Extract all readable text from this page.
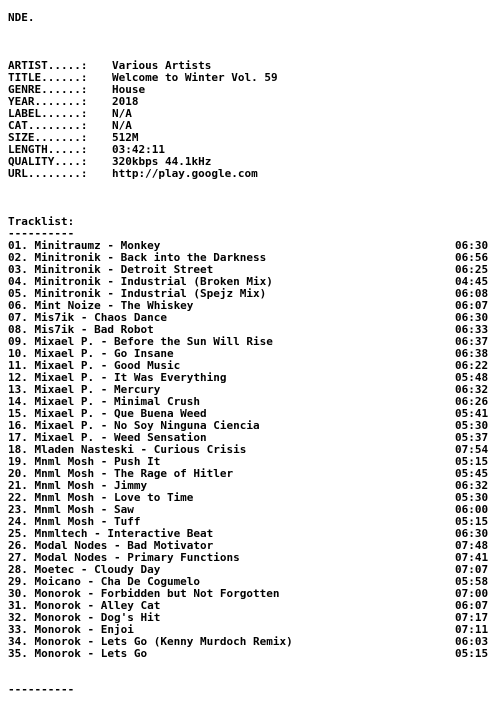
NDE.
ARTIST.....: Various Artists
TITLE......: Welcome to Winter Vol. 59
GENRE......: House
YEAR.......: 2018
LABEL......: N/A
CAT........: N/A
SIZE.......: 512M
LENGTH.....: 03:42:11
QUALITY....: 320kbps 44.1kHz
URL........: http://play.google.com
Tracklist:
----------
01. Minitraumz - Monkey	06:30
02. Minitronik - Back into the Darkness	06:56
03. Minitronik - Detroit Street	06:25
04. Minitronik - Industrial (Broken Mix)	04:45
05. Minitronik - Industrial (Spejz Mix)	06:08
06. Mint Noize - The Whiskey	06:07
07. Mis7ik - Chaos Dance	06:30
08. Mis7ik - Bad Robot	06:33
09. Mixael P. - Before the Sun Will Rise	06:37
10. Mixael P. - Go Insane	06:38
11. Mixael P. - Good Music	06:22
12. Mixael P. - It Was Everything	05:48
13. Mixael P. - Mercury	06:32
14. Mixael P. - Minimal Crush	06:26
15. Mixael P. - Que Buena Weed	05:41
16. Mixael P. - No Soy Ninguna Ciencia	05:30
17. Mixael P. - Weed Sensation	05:37
18. Mladen Nasteski - Curious Crisis	07:54
19. Mnml Mosh - Push It	05:15
20. Mnml Mosh - The Rage of Hitler	05:45
21. Mnml Mosh - Jimmy	06:32
22. Mnml Mosh - Love to Time	05:30
23. Mnml Mosh - Saw	06:00
24. Mnml Mosh - Tuff	05:15
25. Mnmltech - Interactive Beat	06:30
26. Modal Nodes - Bad Motivator	07:48
27. Modal Nodes - Primary Functions	07:41
28. Moetec - Cloudy Day	07:07
29. Moicano - Cha De Cogumelo	05:58
30. Monorok - Forbidden but Not Forgotten	07:00
31. Monorok - Alley Cat	06:07
32. Monorok - Dog's Hit	07:17
33. Monorok - Enjoi	07:11
34. Monorok - Lets Go (Kenny Murdoch Remix)	06:03
35. Monorok - Lets Go	05:15
----------
